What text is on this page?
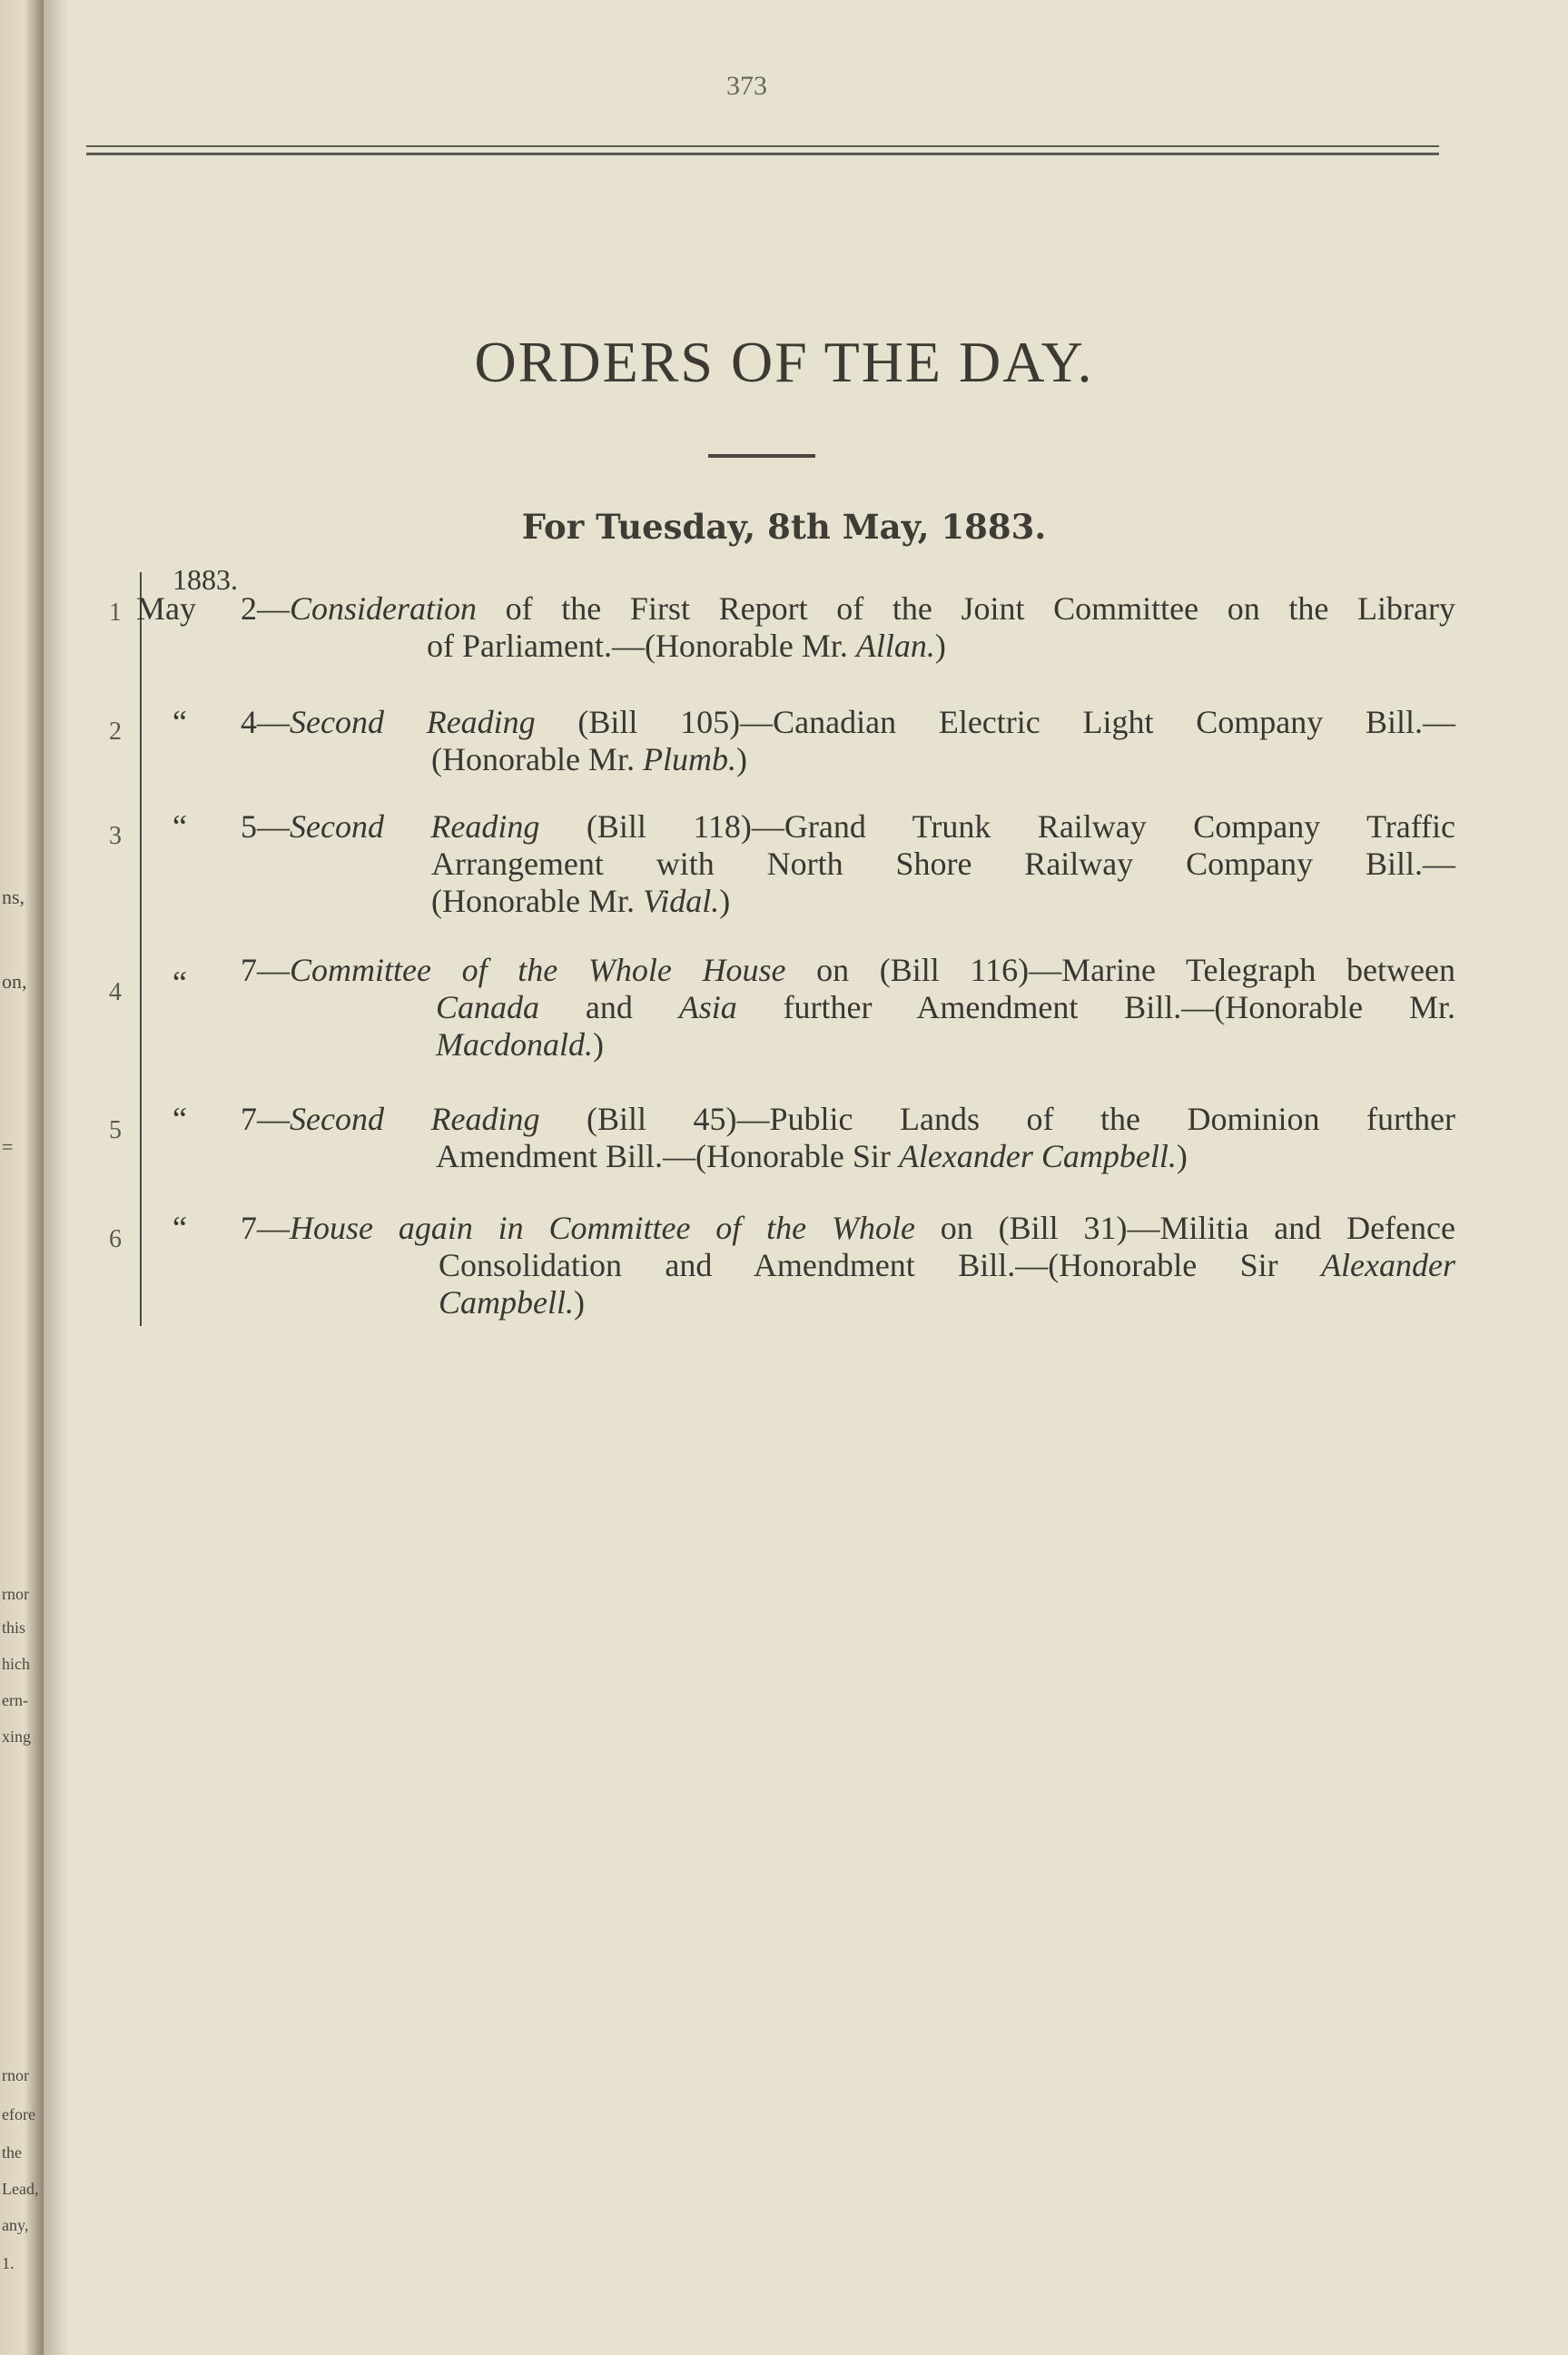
ns,
on,
=
rnor
this
hich
ern-
xing
rnor
efore
the
Lead,
any,
1.
373
ORDERS OF THE DAY.
For Tuesday, 8th May, 1883.
1883.
1 May 2—Consideration of the First Report of the Joint Committee on the Library
of Parliament.—(Honorable Mr. Allan.)
2 “ 4—Second Reading (Bill 105)—Canadian Electric Light Company Bill.—
(Honorable Mr. Plumb.)
3 “ 5—Second Reading (Bill 118)—Grand Trunk Railway Company Traffic
Arrangement with North Shore Railway Company Bill.—
(Honorable Mr. Vidal.)
4 “ 7—Committee of the Whole House on (Bill 116)—Marine Telegraph between
Canada and Asia further Amendment Bill.—(Honorable Mr.
Macdonald.)
5 “ 7—Second Reading (Bill 45)—Public Lands of the Dominion further
Amendment Bill.—(Honorable Sir Alexander Campbell.)
6 “ 7—House again in Committee of the Whole on (Bill 31)—Militia and Defence
Consolidation and Amendment Bill.—(Honorable Sir Alexander
Campbell.)
